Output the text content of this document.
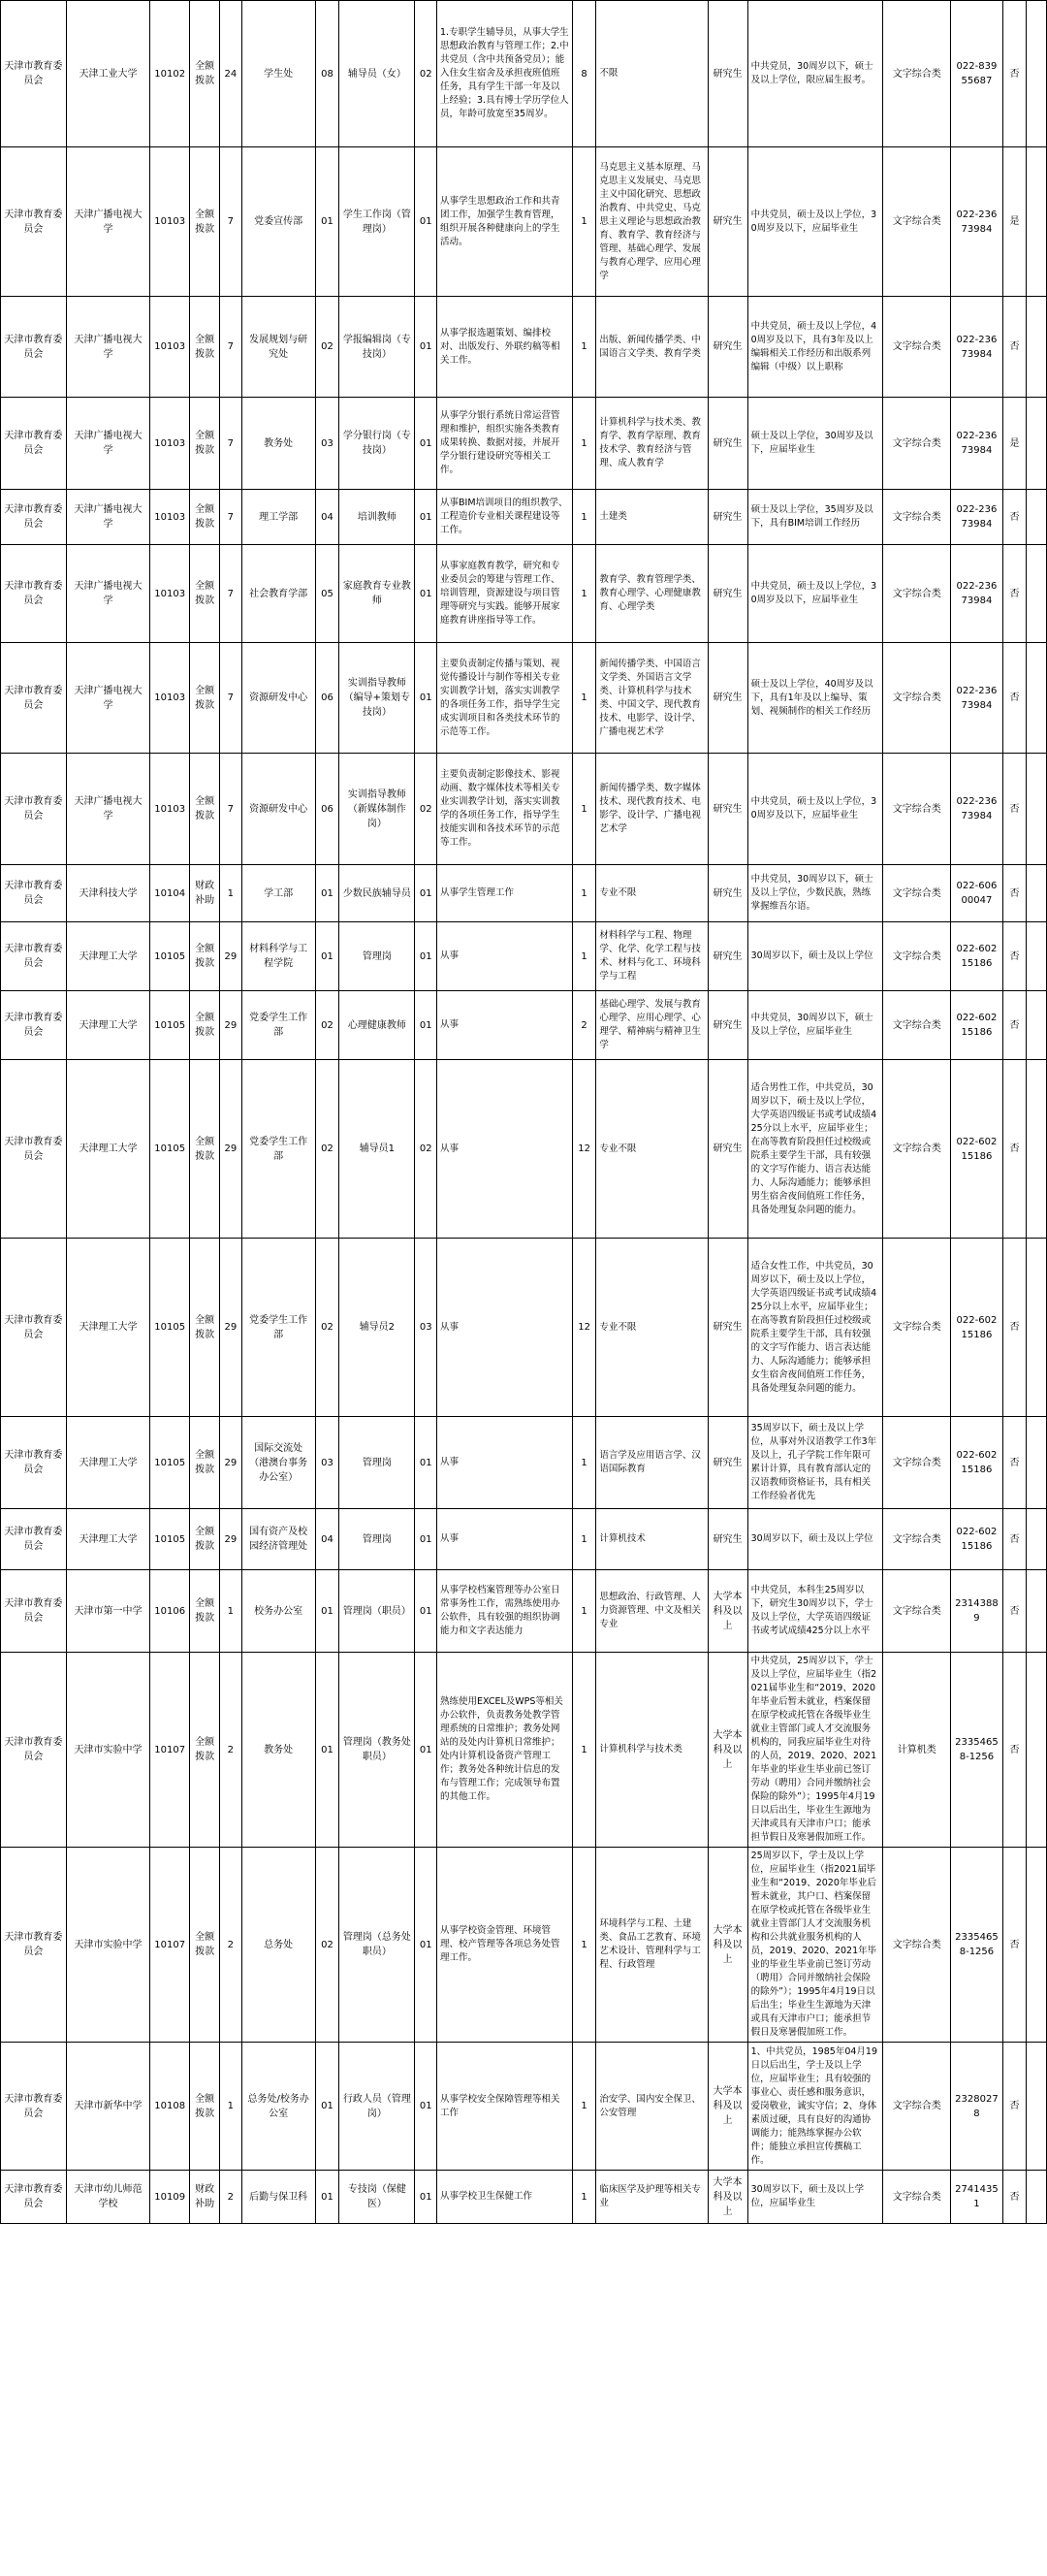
天津市教育委员会	天津工业大学	10102	全额拨款	24	学生处	08	辅导员（女）	02	1.专职学生辅导员，从事大学生思想政治教育与管理工作；2.中共党员（含中共预备党员）；能入住女生宿舍及承担夜班值班任务，具有学生干部一年及以上经验；3.具有博士学历学位人员，年龄可放宽至35周岁。	8	不限	研究生	中共党员，30周岁以下，硕士及以上学位，限应届生报考。	文字综合类	022-83955687	否	
天津市教育委员会	天津广播电视大学	10103	全额拨款	7	党委宣传部	01	学生工作岗（管理岗）	01	从事学生思想政治工作和共青团工作，加强学生教育管理，组织开展各种健康向上的学生活动。	1	马克思主义基本原理、马克思主义发展史、马克思主义中国化研究、思想政治教育、中共党史、马克思主义理论与思想政治教育、教育学、教育经济与管理、基础心理学、发展与教育心理学、应用心理学	研究生	中共党员，硕士及以上学位，30周岁及以下，应届毕业生	文字综合类	022-23673984	是	
天津市教育委员会	天津广播电视大学	10103	全额拨款	7	发展规划与研究处	02	学报编辑岗（专技岗）	01	从事学报选题策划、编排校对、出版发行、外联约稿等相关工作。	1	出版、新闻传播学类、中国语言文学类、教育学类	研究生	中共党员，硕士及以上学位，40周岁及以下，具有3年及以上编辑相关工作经历和出版系列编辑（中级）以上职称	文字综合类	022-23673984	否	
天津市教育委员会	天津广播电视大学	10103	全额拨款	7	教务处	03	学分银行岗（专技岗）	01	从事学分银行系统日常运营管理和维护，组织实施各类教育成果转换、数据对接，并展开学分银行建设研究等相关工作。	1	计算机科学与技术类、教育学、教育学原理、教育技术学、教育经济与管理、成人教育学	研究生	硕士及以上学位，30周岁及以下，应届毕业生	文字综合类	022-23673984	是	
天津市教育委员会	天津广播电视大学	10103	全额拨款	7	理工学部	04	培训教师	01	从事BIM培训项目的组织教学、工程造价专业相关课程建设等工作。	1	土建类	研究生	硕士及以上学位，35周岁及以下，具有BIM培训工作经历	文字综合类	022-23673984	否	
天津市教育委员会	天津广播电视大学	10103	全额拨款	7	社会教育学部	05	家庭教育专业教师	01	从事家庭教育教学，研究和专业委员会的筹建与管理工作、培训管理，资源建设与项目管理等研究与实践。能够开展家庭教育讲座指导等工作。	1	教育学、教育管理学类、教育心理学、心理健康教育、心理学类	研究生	中共党员，硕士及以上学位，30周岁及以下，应届毕业生	文字综合类	022-23673984	否	
天津市教育委员会	天津广播电视大学	10103	全额拨款	7	资源研发中心	06	实训指导教师（编导+策划专技岗）	01	主要负责制定传播与策划、视觉传播设计与制作等相关专业实训教学计划，落实实训教学的各项任务工作，指导学生完成实训项目和各类技术环节的示范等工作。	1	新闻传播学类、中国语言文学类、外国语言文学类、计算机科学与技术类、中国文学、现代教育技术、电影学、设计学、广播电视艺术学	研究生	硕士及以上学位，40周岁及以下，具有1年及以上编导、策划、视频制作的相关工作经历	文字综合类	022-23673984	否	
天津市教育委员会	天津广播电视大学	10103	全额拨款	7	资源研发中心	06	实训指导教师（新媒体制作岗）	02	主要负责制定影像技术、影视动画、数字媒体技术等相关专业实训教学计划，落实实训教学的各项任务工作，指导学生技能实训和各技术环节的示范等工作。	1	新闻传播学类、数字媒体技术、现代教育技术、电影学、设计学、广播电视艺术学	研究生	中共党员，硕士及以上学位，30周岁及以下，应届毕业生	文字综合类	022-23673984	否	
天津市教育委员会	天津科技大学	10104	财政补助	1	学工部	01	少数民族辅导员	01	从事学生管理工作	1	专业不限	研究生	中共党员，30周岁以下，硕士及以上学位，少数民族，熟练掌握维吾尔语。	文字综合类	022-60600047	否	
天津市教育委员会	天津理工大学	10105	全额拨款	29	材料科学与工程学院	01	管理岗	01	从事	1	材料科学与工程、物理学、化学、化学工程与技术、材料与化工、环境科学与工程	研究生	30周岁以下，硕士及以上学位	文字综合类	022-60215186	否	
天津市教育委员会	天津理工大学	10105	全额拨款	29	党委学生工作部	02	心理健康教师	01	从事	2	基础心理学、发展与教育心理学、应用心理学、心理学、精神病与精神卫生学	研究生	中共党员，30周岁以下，硕士及以上学位，应届毕业生	文字综合类	022-60215186	否	
天津市教育委员会	天津理工大学	10105	全额拨款	29	党委学生工作部	02	辅导员1	02	从事	12	专业不限	研究生	适合男性工作，中共党员，30周岁以下，硕士及以上学位，大学英语四级证书或考试成绩425分以上水平，应届毕业生；在高等教育阶段担任过校级或院系主要学生干部，具有较强的文字写作能力、语言表达能力、人际沟通能力；能够承担男生宿舍夜间值班工作任务，具备处理复杂问题的能力。	文字综合类	022-60215186	否	
天津市教育委员会	天津理工大学	10105	全额拨款	29	党委学生工作部	02	辅导员2	03	从事	12	专业不限	研究生	适合女性工作，中共党员，30周岁以下，硕士及以上学位，大学英语四级证书或考试成绩425分以上水平，应届毕业生；在高等教育阶段担任过校级或院系主要学生干部，具有较强的文字写作能力、语言表达能力、人际沟通能力；能够承担女生宿舍夜间值班工作任务，具备处理复杂问题的能力。	文字综合类	022-60215186	否	
天津市教育委员会	天津理工大学	10105	全额拨款	29	国际交流处（港澳台事务办公室）	03	管理岗	01	从事	1	语言学及应用语言学、汉语国际教育	研究生	35周岁以下，硕士及以上学位，从事对外汉语教学工作3年及以上，孔子学院工作年限可累计计算，具有教育部认定的汉语教师资格证书，具有相关工作经验者优先	文字综合类	022-60215186	否	
天津市教育委员会	天津理工大学	10105	全额拨款	29	国有资产及校园经济管理处	04	管理岗	01	从事	1	计算机技术	研究生	30周岁以下，硕士及以上学位	文字综合类	022-60215186	否	
天津市教育委员会	天津市第一中学	10106	全额拨款	1	校务办公室	01	管理岗（职员）	01	从事学校档案管理等办公室日常事务性工作，需熟练使用办公软件，具有较强的组织协调能力和文字表达能力	1	思想政治、行政管理、人力资源管理、中文及相关专业	大学本科及以上	中共党员，本科生25周岁以下，研究生30周岁以下，学士及以上学位，大学英语四级证书或考试成绩425分以上水平	文字综合类	23143889	否	
天津市教育委员会	天津市实验中学	10107	全额拨款	2	教务处	01	管理岗（教务处职员）	01	熟练使用EXCEL及WPS等相关办公软件，负责教务处教学管理系统的日常维护；教务处网站的及处内计算机日常维护；处内计算机设备资产管理工作；教务处各种统计信息的发布与管理工作；完成领导布置的其他工作。	1	计算机科学与技术类	大学本科及以上	中共党员，25周岁以下，学士及以上学位，应届毕业生（指2021届毕业生和“2019、2020年毕业后暂未就业，档案保留在原学校或托管在各级毕业生就业主管部门或人才交流服务机构的，同我应届毕业生对待的人员，2019、2020、2021年毕业的毕业生毕业前已签订劳动（聘用）合同并缴纳社会保险的除外”）；1995年4月19日以后出生，毕业生生源地为天津或具有天津市户口；能承担节假日及寒暑假加班工作。	计算机类	23354658-1256	否	
天津市教育委员会	天津市实验中学	10107	全额拨款	2	总务处	02	管理岗（总务处职员）	01	从事学校资金管理、环境管理、校产管理等各项总务处管理工作。	1	环境科学与工程、土建类、食品工艺教育、环境艺术设计、管理科学与工程、行政管理	大学本科及以上	25周岁以下，学士及以上学位，应届毕业生（指2021届毕业生和“2019、2020年毕业后暂未就业，其户口、档案保留在原学校或托管在各级毕业生就业主管部门人才交流服务机构和公共就业服务机构的人员，2019、2020、2021年毕业的毕业生毕业前已签订劳动（聘用）合同并缴纳社会保险的除外”）；1995年4月19日以后出生；毕业生生源地为天津或具有天津市户口；能承担节假日及寒暑假加班工作。	文字综合类	23354658-1256	否	
天津市教育委员会	天津市新华中学	10108	全额拨款	1	总务处/校务办公室	01	行政人员（管理岗）	01	从事学校安全保障管理等相关工作	1	治安学、国内安全保卫、公安管理	大学本科及以上	1、中共党员，1985年04月19日以后出生，学士及以上学位，应届毕业生；具有较强的事业心、责任感和服务意识，爱岗敬业，诚实守信；2、身体素质过硬，具有良好的沟通协调能力；能熟练掌握办公软件；能独立承担宣传撰稿工作。	文字综合类	23280278	否	
天津市教育委员会	天津市幼儿师范学校	10109	财政补助	2	后勤与保卫科	01	专技岗（保健医）	01	从事学校卫生保健工作	1	临床医学及护理等相关专业	大学本科及以上	30周岁以下，硕士及以上学位，应届毕业生	文字综合类	27414351	否	
